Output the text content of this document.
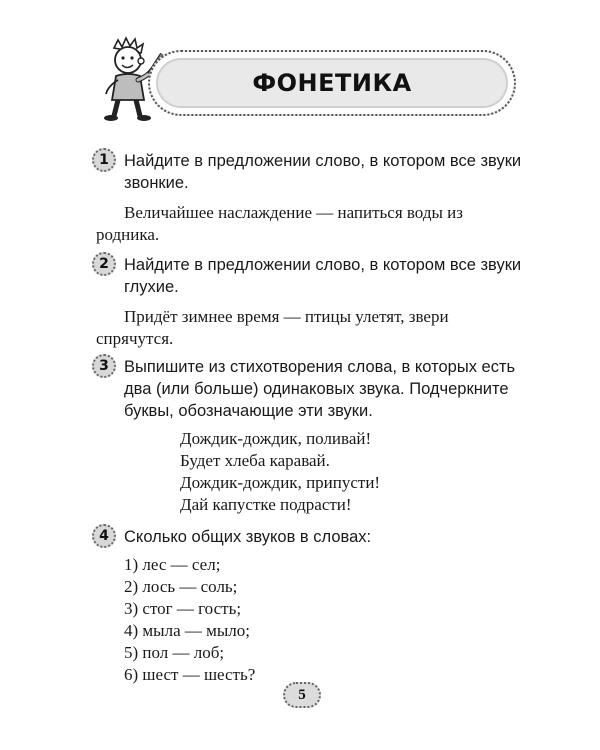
ФОНЕТИКА
1 Найдите в предложении слово, в котором все звуки звонкие.
Величайшее наслаждение — напиться воды из родника.
2 Найдите в предложении слово, в котором все звуки глухие.
Придёт зимнее время — птицы улетят, звери спрячутся.
3 Выпишите из стихотворения слова, в которых есть два (или больше) одинаковых звука. Подчеркните буквы, обозначающие эти звуки.
Дождик-дождик, поливай!
Будет хлеба каравай.
Дождик-дождик, припусти!
Дай капустке подрасти!
4 Сколько общих звуков в словах:
1) лес — сел;
2) лось — соль;
3) стог — гость;
4) мыла — мыло;
5) пол — лоб;
6) шест — шесть?
5
